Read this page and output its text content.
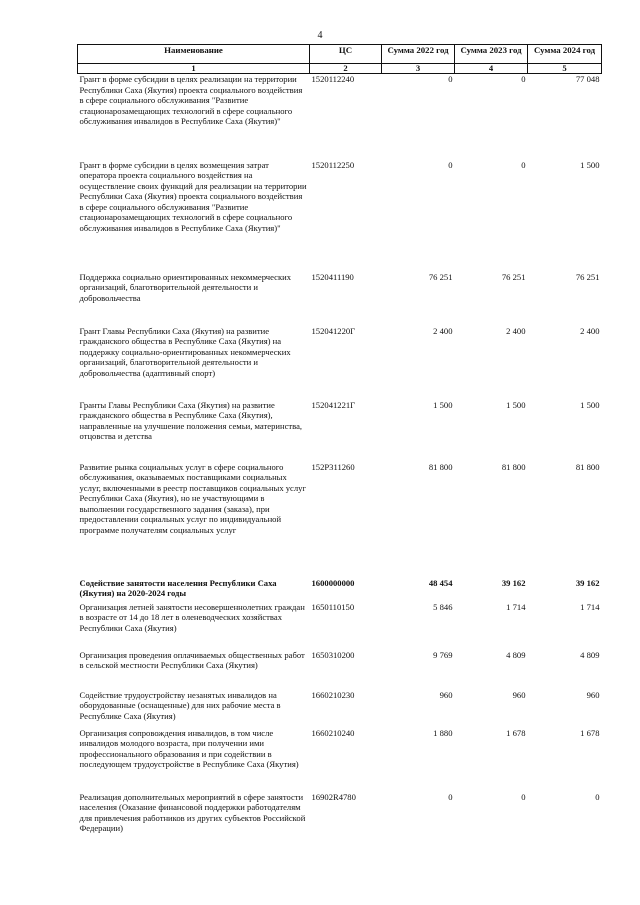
4
Наименование	ЦС	Сумма 2022 год	Сумма 2023 год	Сумма 2024 год
1	2	3	4	5
Грант в форме субсидии в целях реализации на территории Республики Саха (Якутия) проекта социального воздействия в сфере социального обслуживания "Развитие стационарозамещающих технологий в сфере социального обслуживания инвалидов в Республике Саха (Якутия)"	1520112240	0	0	77 048
Грант в форме субсидии в целях возмещения затрат оператора проекта социального воздействия на осуществление своих функций для реализации на территории Республики Саха (Якутия) проекта социального воздействия в сфере социального обслуживания "Развитие стационарозамещающих технологий в сфере социального обслуживания инвалидов в Республике Саха (Якутия)"	1520112250	0	0	1 500
Поддержка социально ориентированных некоммерческих организаций, благотворительной деятельности и добровольчества	1520411190	76 251	76 251	76 251
Грант Главы Республики Саха (Якутия) на развитие гражданского общества в Республике Саха (Якутия) на поддержку социально-ориентированных некоммерческих организаций, благотворительной деятельности и добровольчества (адаптивный спорт)	152041220Г	2 400	2 400	2 400
Гранты Главы Республики Саха (Якутия) на развитие гражданского общества в Республике Саха (Якутия), направленные на улучшение положения семьи, материнства, отцовства и детства	152041221Г	1 500	1 500	1 500
Развитие рынка социальных услуг в сфере социального обслуживания, оказываемых поставщиками социальных услуг, включенными в реестр поставщиков социальных услуг Республики Саха (Якутия), но не участвующими в выполнении государственного задания (заказа), при предоставлении социальных услуг по индивидуальной программе получателям социальных услуг	152P311260	81 800	81 800	81 800
Содействие занятости населения Республики Саха (Якутия) на 2020-2024 годы	1600000000	48 454	39 162	39 162
Организация летней занятости несовершеннолетних граждан в возрасте от 14 до 18 лет в оленеводческих хозяйствах Республики Саха (Якутия)	1650110150	5 846	1 714	1 714
Организация проведения оплачиваемых общественных работ в сельской местности Республики Саха (Якутия)	1650310200	9 769	4 809	4 809
Содействие трудоустройству незанятых инвалидов на оборудованные (оснащенные) для них рабочие места в Республике Саха (Якутия)	1660210230	960	960	960
Организация сопровождения инвалидов, в том числе инвалидов молодого возраста, при получении ими профессионального образования и при содействии в последующем трудоустройстве в Республике Саха (Якутия)	1660210240	1 880	1 678	1 678
Реализация дополнительных мероприятий в сфере занятости населения (Оказание финансовой поддержки работодателям для привлечения работников из других субъектов Российской Федерации)	16902R4780	0	0	0
